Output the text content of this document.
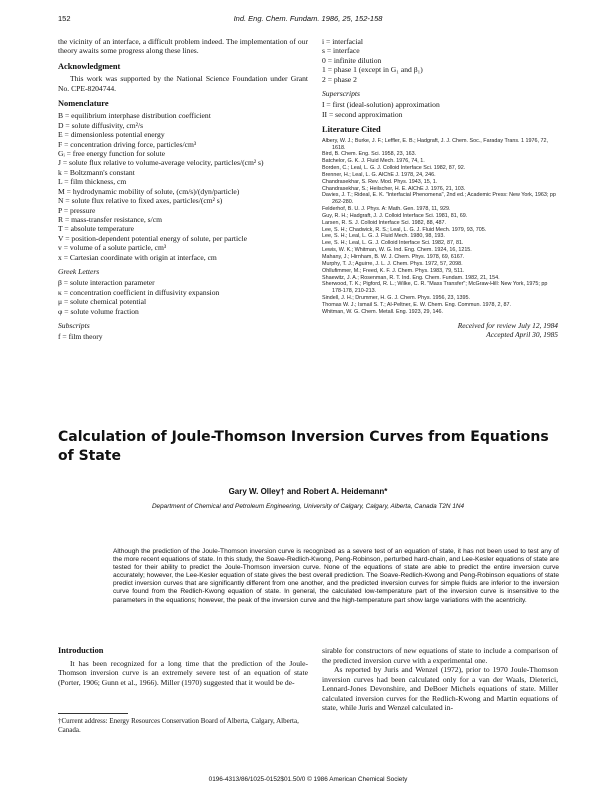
152	Ind. Eng. Chem. Fundam. 1986, 25, 152-158

the vicinity of an interface, a difficult problem indeed. The implementation of our theory awaits some progress along these lines.

Acknowledgment

This work was supported by the National Science Foundation under Grant No. CPE-8204744.

Nomenclature
B = equilibrium interphase distribution coefficient
D = solute diffusivity, cm²/s
E = dimensionless potential energy
F = concentration driving force, particles/cm³
Gᵢ = free energy function for solute
J = solute flux relative to volume-average velocity, particles/(cm² s)
k = Boltzmann's constant
L = film thickness, cm
M = hydrodynamic mobility of solute, (cm/s)/(dyn/particle)
N = solute flux relative to fixed axes, particles/(cm² s)
P = pressure
R = mass-transfer resistance, s/cm
T = absolute temperature
V = position-dependent potential energy of solute, per particle
v = volume of a solute particle, cm³
x = Cartesian coordinate with origin at interface, cm
Greek Letters
β = solute interaction parameter
κ = concentration coefficient in diffusivity expansion
μ = solute chemical potential
φ = solute volume fraction
Subscripts
f = film theory
i = interfacial
s = interface
0 = infinite dilution
1 = phase 1 (except in G₁ and β₁)
2 = phase 2
Superscripts
I = first (ideal-solution) approximation
II = second approximation
Literature Cited
Albery, W. J.; Burke, J. F.; Leffler, E. B.; Hadgraft, J. J. Chem. Soc., Faraday Trans. 1 1976, 72, 1618.
Bird, B. Chem. Eng. Sci. 1958, 23, 163.
Batchelor, G. K. J. Fluid Mech. 1976, 74, 1.
Borden, C.; Leal, L. G. J. Colloid Interface Sci. 1982, 87, 92.
Brenner, H.; Leal, L. G. AIChE J. 1978, 24, 246.
Chandrasekhar, S. Rev. Mod. Phys. 1943, 15, 1.
Chandrasekhar, S.; Heilscher, H. E. AIChE J. 1976, 21, 103.
Davies, J. T.; Rideal, E. K. "Interfacial Phenomena", 2nd ed.; Academic Press: New York, 1963; pp 262-280.
Felderhof, B. U. J. Phys. A: Math. Gen. 1978, 11, 929.
Guy, R. H.; Hadgraft, J. J. Colloid Interface Sci. 1981, 81, 69.
Larsen, R. S. J. Colloid Interface Sci. 1982, 88, 487.
Lee, S. H.; Chadwick, R. S.; Leal, L. G. J. Fluid Mech. 1979, 93, 705.
Lee, S. H.; Leal, L. G. J. Fluid Mech. 1980, 98, 193.
Lee, S. H.; Leal, L. G. J. Colloid Interface Sci. 1982, 87, 81.
Lewis, W. K.; Whitman, W. G. Ind. Eng. Chem. 1924, 16, 1215.
Mahany, J.; Hirnham, B. W. J. Chem. Phys. 1978, 69, 6167.
Murphy, T. J.; Aguirre, J. L. J. Chem. Phys. 1972, 57, 2098.
Ohllufimmer, M.; Freed, K. F. J. Chem. Phys. 1983, 79, 511.
Shaewitz, J. A.; Rosenman, R. T. Ind. Eng. Chem. Fundam. 1982, 21, 154.
Sherwood, T. K.; Pigford, R. L.; Wilke, C. R. "Mass Transfer"; McGraw-Hill: New York, 1975; pp 178-178, 210-213.
Sindell, J. H.; Drummer, H. G. J. Chem. Phys. 1956, 23, 1395.
Thomas W. J.; Ismail S. T.; Al-Peltner, E. W. Chem. Eng. Commun. 1978, 2, 87.
Whitman, W. G. Chem. Metall. Eng. 1923, 29, 146.
Received for review July 12, 1984
Accepted April 30, 1985
Calculation of Joule-Thomson Inversion Curves from Equations of State
Gary W. Olley† and Robert A. Heidemann*
Department of Chemical and Petroleum Engineering, University of Calgary, Calgary, Alberta, Canada T2N 1N4
Although the prediction of the Joule-Thomson inversion curve is recognized as a severe test of an equation of state, it has not been used to test any of the more recent equations of state. In this study, the Soave-Redlich-Kwong, Peng-Robinson, perturbed hard-chain, and Lee-Kesler equations of state are tested for their ability to predict the Joule-Thomson inversion curve. None of the equations of state are able to predict the entire inversion curve accurately; however, the Lee-Kesler equation of state gives the best overall prediction. The Soave-Redlich-Kwong and Peng-Robinson equations of state predict inversion curves that are significantly different from one another, and the predicted inversion curves for simple fluids are inferior to the inversion curve found from the Redlich-Kwong equation of state. In general, the calculated low-temperature part of the inversion curve is insensitive to the parameters in the equations; however, the peak of the inversion curve and the high-temperature part show large variations with the acentricity.
Introduction

It has been recognized for a long time that the prediction of the Joule-Thomson inversion curve is an extremely severe test of an equation of state (Porter, 1906; Gunn et al., 1966). Miller (1970) suggested that it would be de-

sirable for constructors of new equations of state to include a comparison of the predicted inversion curve with a experimental one.

As reported by Juris and Wenzel (1972), prior to 1970 Joule-Thomson inversion curves had been calculated only for a van der Waals, Dieterici, Lennard-Jones Devonshire, and DeBoer Michels equations of state. Miller calculated inversion curves for the Redlich-Kwong and Martin equations of state, while Juris and Wenzel calculated in-

†Current address: Energy Resources Conservation Board of Alberta, Calgary, Alberta, Canada.
0196-4313/86/1025-0152$01.50/0 © 1986 American Chemical Society
